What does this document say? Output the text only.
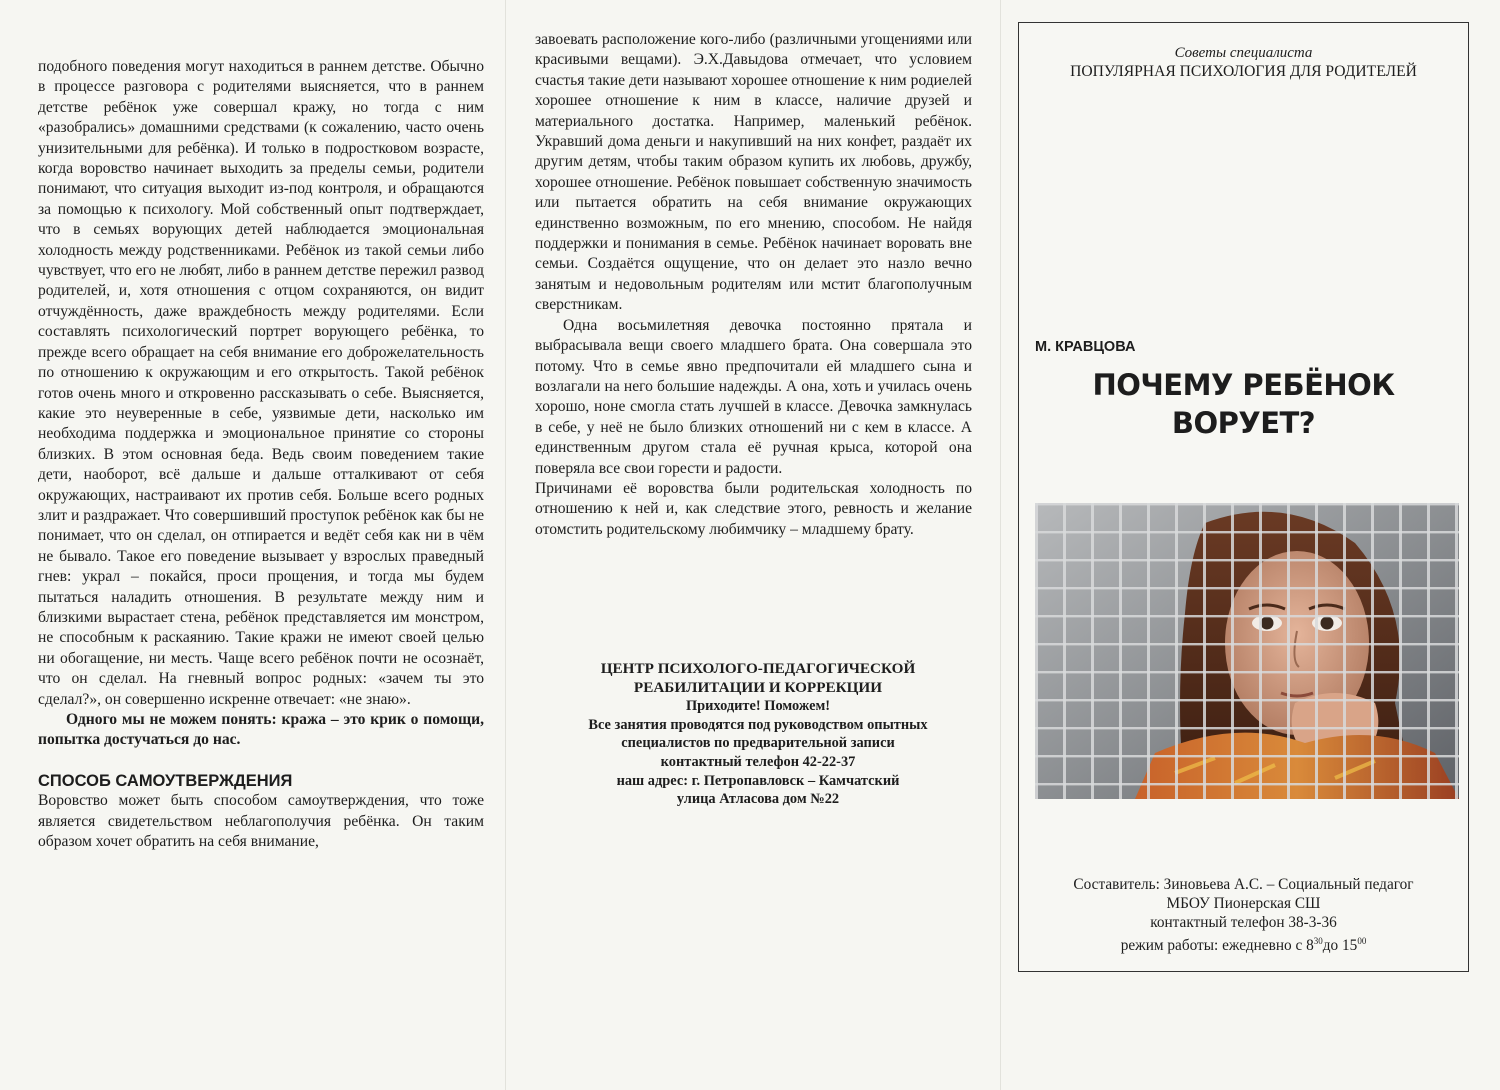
подобного поведения могут находиться в раннем детстве. Обычно в процессе разговора с родителями выясняется, что в раннем детстве ребёнок уже совершал кражу, но тогда с ним «разобрались» домашними средствами (к сожалению, часто очень унизительными для ребёнка). И только в подростковом возрасте, когда воровство начинает выходить за пределы семьи, родители понимают, что ситуация выходит из-под контроля, и обращаются за помощью к психологу. Мой собственный опыт подтверждает, что в семьях ворующих детей наблюдается эмоциональная холодность между родственниками. Ребёнок из такой семьи либо чувствует, что его не любят, либо в раннем детстве пережил развод родителей, и, хотя отношения с отцом сохраняются, он видит отчуждённость, даже враждебность между родителями. Если составлять психологический портрет ворующего ребёнка, то прежде всего обращает на себя внимание его доброжелательность по отношению к окружающим и его открытость. Такой ребёнок готов очень много и откровенно рассказывать о себе. Выясняется, какие это неуверенные в себе, уязвимые дети, насколько им необходима поддержка и эмоциональное принятие со стороны близких. В этом основная беда. Ведь своим поведением такие дети, наоборот, всё дальше и дальше отталкивают от себя окружающих, настраивают их против себя. Больше всего родных злит и раздражает. Что совершивший проступок ребёнок как бы не понимает, что он сделал, он отпирается и ведёт себя как ни в чём не бывало. Такое его поведение вызывает у взрослых праведный гнев: украл – покайся, проси прощения, и тогда мы будем пытаться наладить отношения. В результате между ним и близкими вырастает стена, ребёнок представляется им монстром, не способным к раскаянию. Такие кражи не имеют своей целью ни обогащение, ни месть. Чаще всего ребёнок почти не осознаёт, что он сделал. На гневный вопрос родных: «зачем ты это сделал?», он совершенно искренне отвечает: «не знаю».

Одного мы не можем понять: кража – это крик о помощи, попытка достучаться до нас.

СПОСОБ САМОУТВЕРЖДЕНИЯ

Воровство может быть способом самоутверждения, что тоже является свидетельством неблагополучия ребёнка. Он таким образом хочет обратить на себя внимание,

завоевать расположение кого-либо (различными угощениями или красивыми вещами). Э.Х.Давыдова отмечает, что условием счастья такие дети называют хорошее отношение к ним родиелей хорошее отношение к ним в классе, наличие друзей и материального достатка. Например, маленький ребёнок. Укравший дома деньги и накупивший на них конфет, раздаёт их другим детям, чтобы таким образом купить их любовь, дружбу, хорошее отношение. Ребёнок повышает собственную значимость или пытается обратить на себя внимание окружающих единственно возможным, по его мнению, способом. Не найдя поддержки и понимания в семье. Ребёнок начинает воровать вне семьи. Создаётся ощущение, что он делает это назло вечно занятым и недовольным родителям или мстит благополучным сверстникам.

Одна восьмилетняя девочка постоянно прятала и выбрасывала вещи своего младшего брата. Она совершала это потому. Что в семье явно предпочитали ей младшего сына и возлагали на него большие надежды. А она, хоть и училась очень хорошо, ноне смогла стать лучшей в классе. Девочка замкнулась в себе, у неё не было близких отношений ни с кем в классе. А единственным другом стала её ручная крыса, которой она поверяла все свои горести и радости.

Причинами её воровства были родительская холодность по отношению к ней и, как следствие этого, ревность и желание отомстить родительскому любимчику – младшему брату.

ЦЕНТР ПСИХОЛОГО-ПЕДАГОГИЧЕСКОЙ
РЕАБИЛИТАЦИИ И КОРРЕКЦИИ
Приходите! Поможем!
Все занятия проводятся под руководством опытных
специалистов по предварительной записи
контактный телефон 42-22-37
наш адрес: г. Петропавловск – Камчатский
улица Атласова дом №22
Советы специалиста
ПОПУЛЯРНАЯ ПСИХОЛОГИЯ ДЛЯ РОДИТЕЛЕЙ
М. КРАВЦОВА
ПОЧЕМУ РЕБЁНОК
ВОРУЕТ?
Составитель: Зиновьева А.С. – Социальный педагог
МБОУ Пионерская СШ
контактный телефон 38-3-36
режим работы: ежедневно с $8^{30}до$ $15^{00}$
